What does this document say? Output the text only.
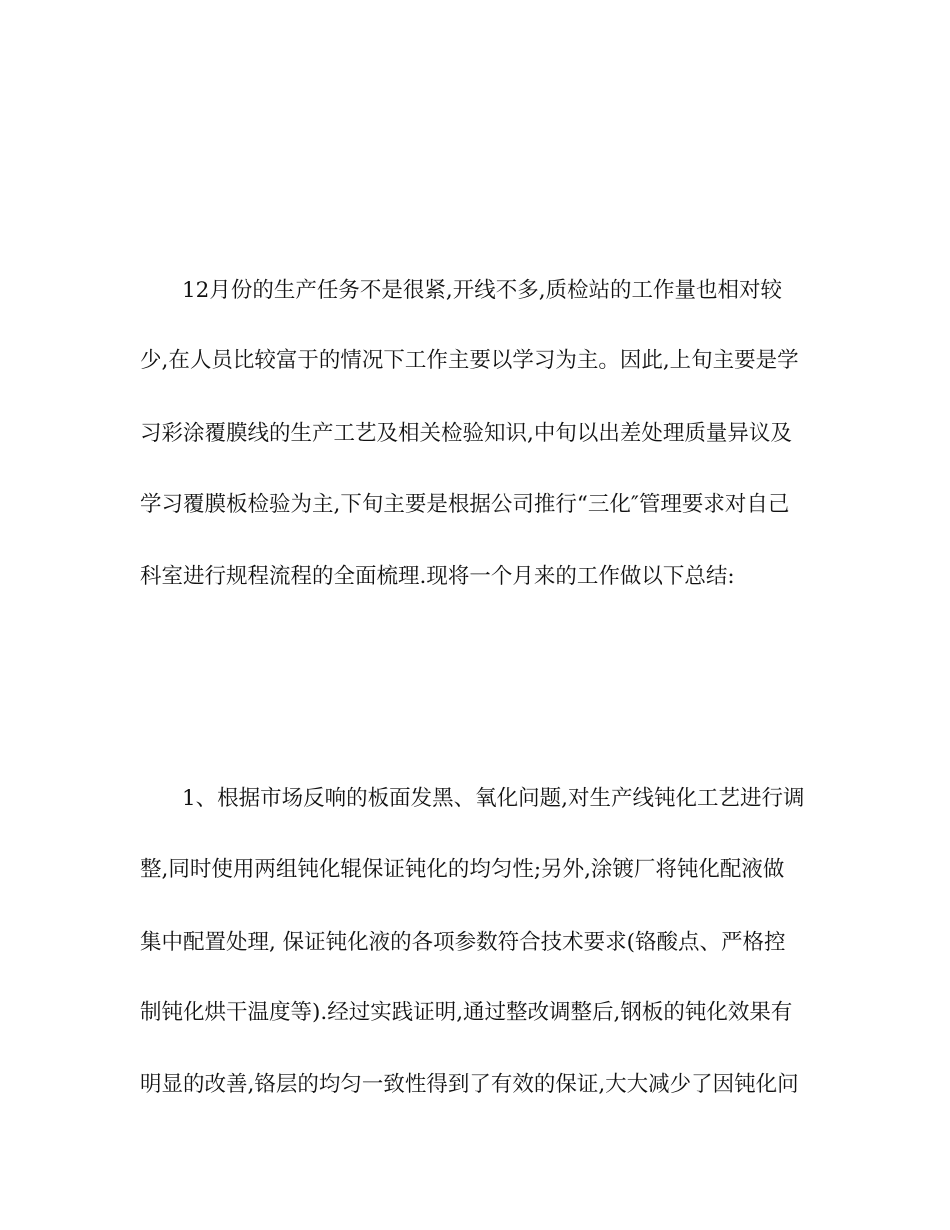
12月份的生产任务不是很紧,开线不多,质检站的工作量也相对较
少,在人员比较富于的情况下工作主要以学习为主。因此,上旬主要是学
习彩涂覆膜线的生产工艺及相关检验知识,中旬以出差处理质量异议及
学习覆膜板检验为主,下旬主要是根据公司推行“三化″管理要求对自己
科室进行规程流程的全面梳理.现将一个月来的工作做以下总结:
1、根据市场反响的板面发黑、氧化问题,对生产线钝化工艺进行调
整,同时使用两组钝化辊保证钝化的均匀性;另外,涂镀厂将钝化配液做
集中配置处理, 保证钝化液的各项参数符合技术要求(铬酸点、严格控
制钝化烘干温度等).经过实践证明,通过整改调整后,钢板的钝化效果有
明显的改善,铬层的均匀一致性得到了有效的保证,大大减少了因钝化问
